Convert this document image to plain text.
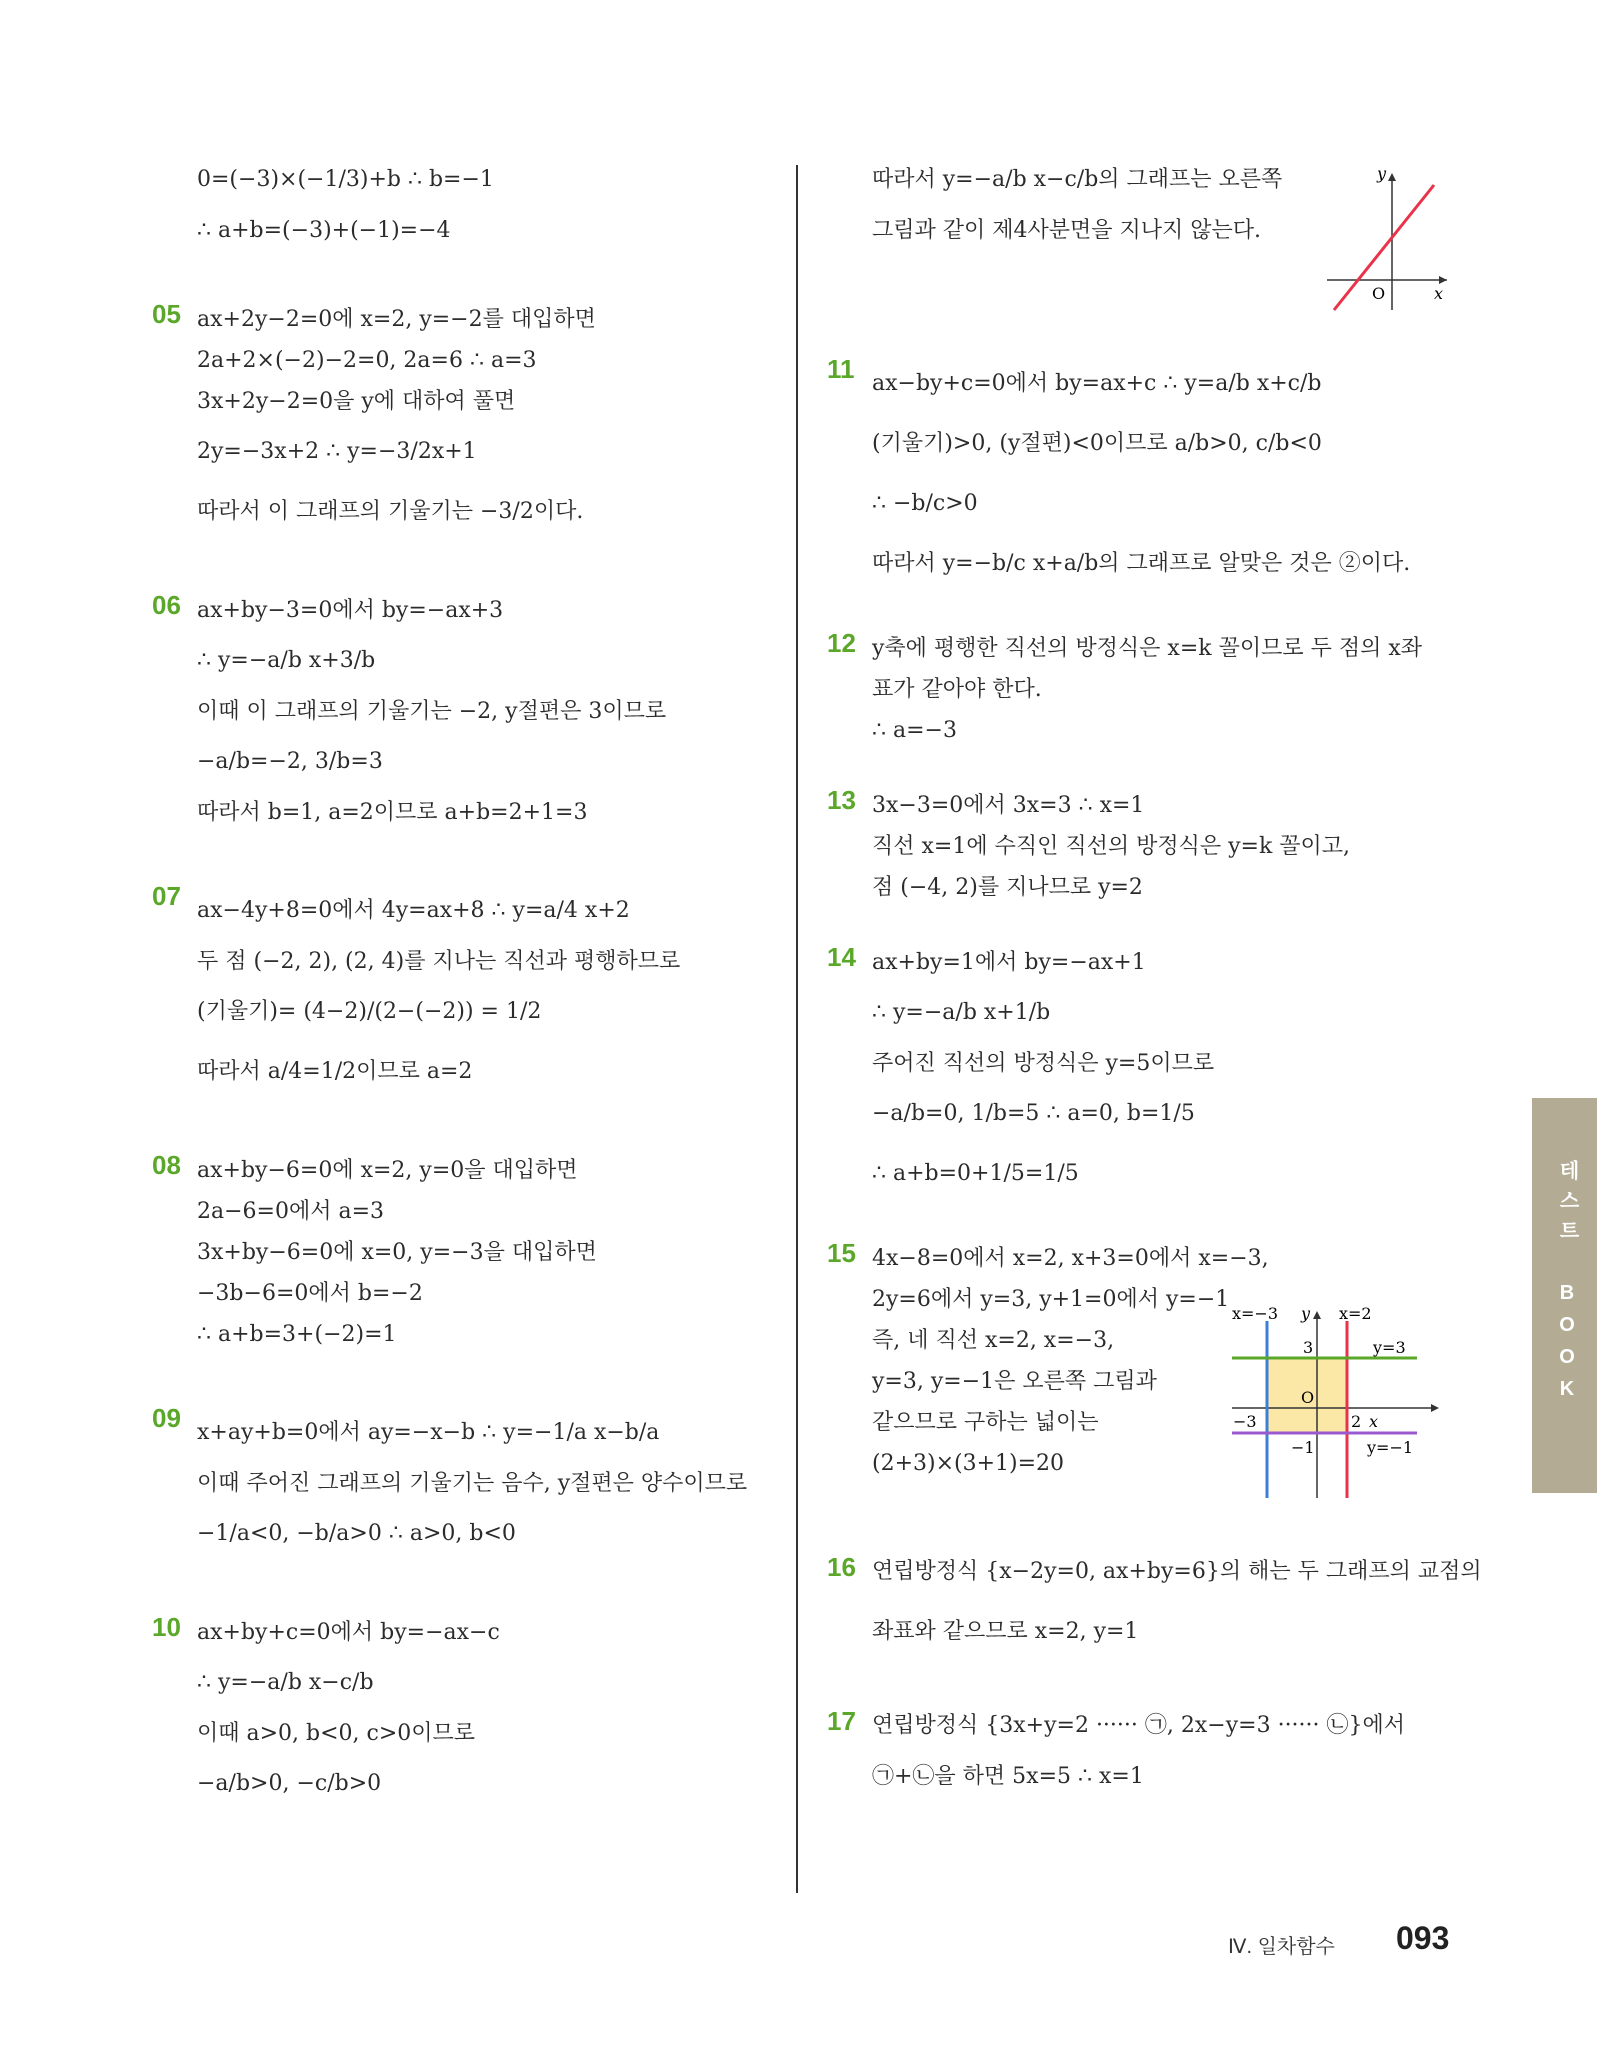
0=(−3)×(−1/3)+b ∴ b=−1
∴ a+b=(−3)+(−1)=−4
05 ax+2y−2=0에 x=2, y=−2를 대입하면
2a+2×(−2)−2=0, 2a=6 ∴ a=3
3x+2y−2=0을 y에 대하여 풀면
2y=−3x+2 ∴ y=−3/2x+1
따라서 이 그래프의 기울기는 −3/2이다.
06 ax+by−3=0에서 by=−ax+3
∴ y=−a/b x+3/b
이때 이 그래프의 기울기는 −2, y절편은 3이므로
−a/b=−2, 3/b=3
따라서 b=1, a=2이므로 a+b=2+1=3
07 ax−4y+8=0에서 4y=ax+8 ∴ y=a/4 x+2
두 점 (−2, 2), (2, 4)를 지나는 직선과 평행하므로
(기울기)= (4−2)/(2−(−2)) = 1/2
따라서 a/4=1/2이므로 a=2
08 ax+by−6=0에 x=2, y=0을 대입하면
2a−6=0에서 a=3
3x+by−6=0에 x=0, y=−3을 대입하면
−3b−6=0에서 b=−2
∴ a+b=3+(−2)=1
09 x+ay+b=0에서 ay=−x−b ∴ y=−1/a x−b/a
이때 주어진 그래프의 기울기는 음수, y절편은 양수이므로
−1/a<0, −b/a>0 ∴ a>0, b<0
10 ax+by+c=0에서 by=−ax−c
∴ y=−a/b x−c/b
이때 a>0, b<0, c>0이므로
−a/b>0, −c/b>0
따라서 y=−a/b x−c/b의 그래프는 오른쪽
그림과 같이 제4사분면을 지나지 않는다.
y
x
O
11 ax−by+c=0에서 by=ax+c ∴ y=a/b x+c/b
(기울기)>0, (y절편)<0이므로 a/b>0, c/b<0
∴ −b/c>0
따라서 y=−b/c x+a/b의 그래프로 알맞은 것은 ②이다.
12 y축에 평행한 직선의 방정식은 x=k 꼴이므로 두 점의 x좌
표가 같아야 한다.
∴ a=−3
13 3x−3=0에서 3x=3 ∴ x=1
직선 x=1에 수직인 직선의 방정식은 y=k 꼴이고,
점 (−4, 2)를 지나므로 y=2
14 ax+by=1에서 by=−ax+1
∴ y=−a/b x+1/b
주어진 직선의 방정식은 y=5이므로
−a/b=0, 1/b=5 ∴ a=0, b=1/5
∴ a+b=0+1/5=1/5
15 4x−8=0에서 x=2, x+3=0에서 x=−3,
2y=6에서 y=3, y+1=0에서 y=−1
즉, 네 직선 x=2, x=−3,
y=3, y=−1은 오른쪽 그림과
같으므로 구하는 넓이는
(2+3)×(3+1)=20
x=−3 y x=2
y=3
3
O
−3	2 x
−1	y=−1
16 연립방정식 {x−2y=0, ax+by=6}의 해는 두 그래프의 교점의
좌표와 같으므로 x=2, y=1
17 연립방정식 {3x+y=2 ······ ㉠, 2x−y=3 ······ ㉡}에서
㉠+㉡을 하면 5x=5 ∴ x=1
테스트 BOOK
Ⅳ. 일차함수 093
